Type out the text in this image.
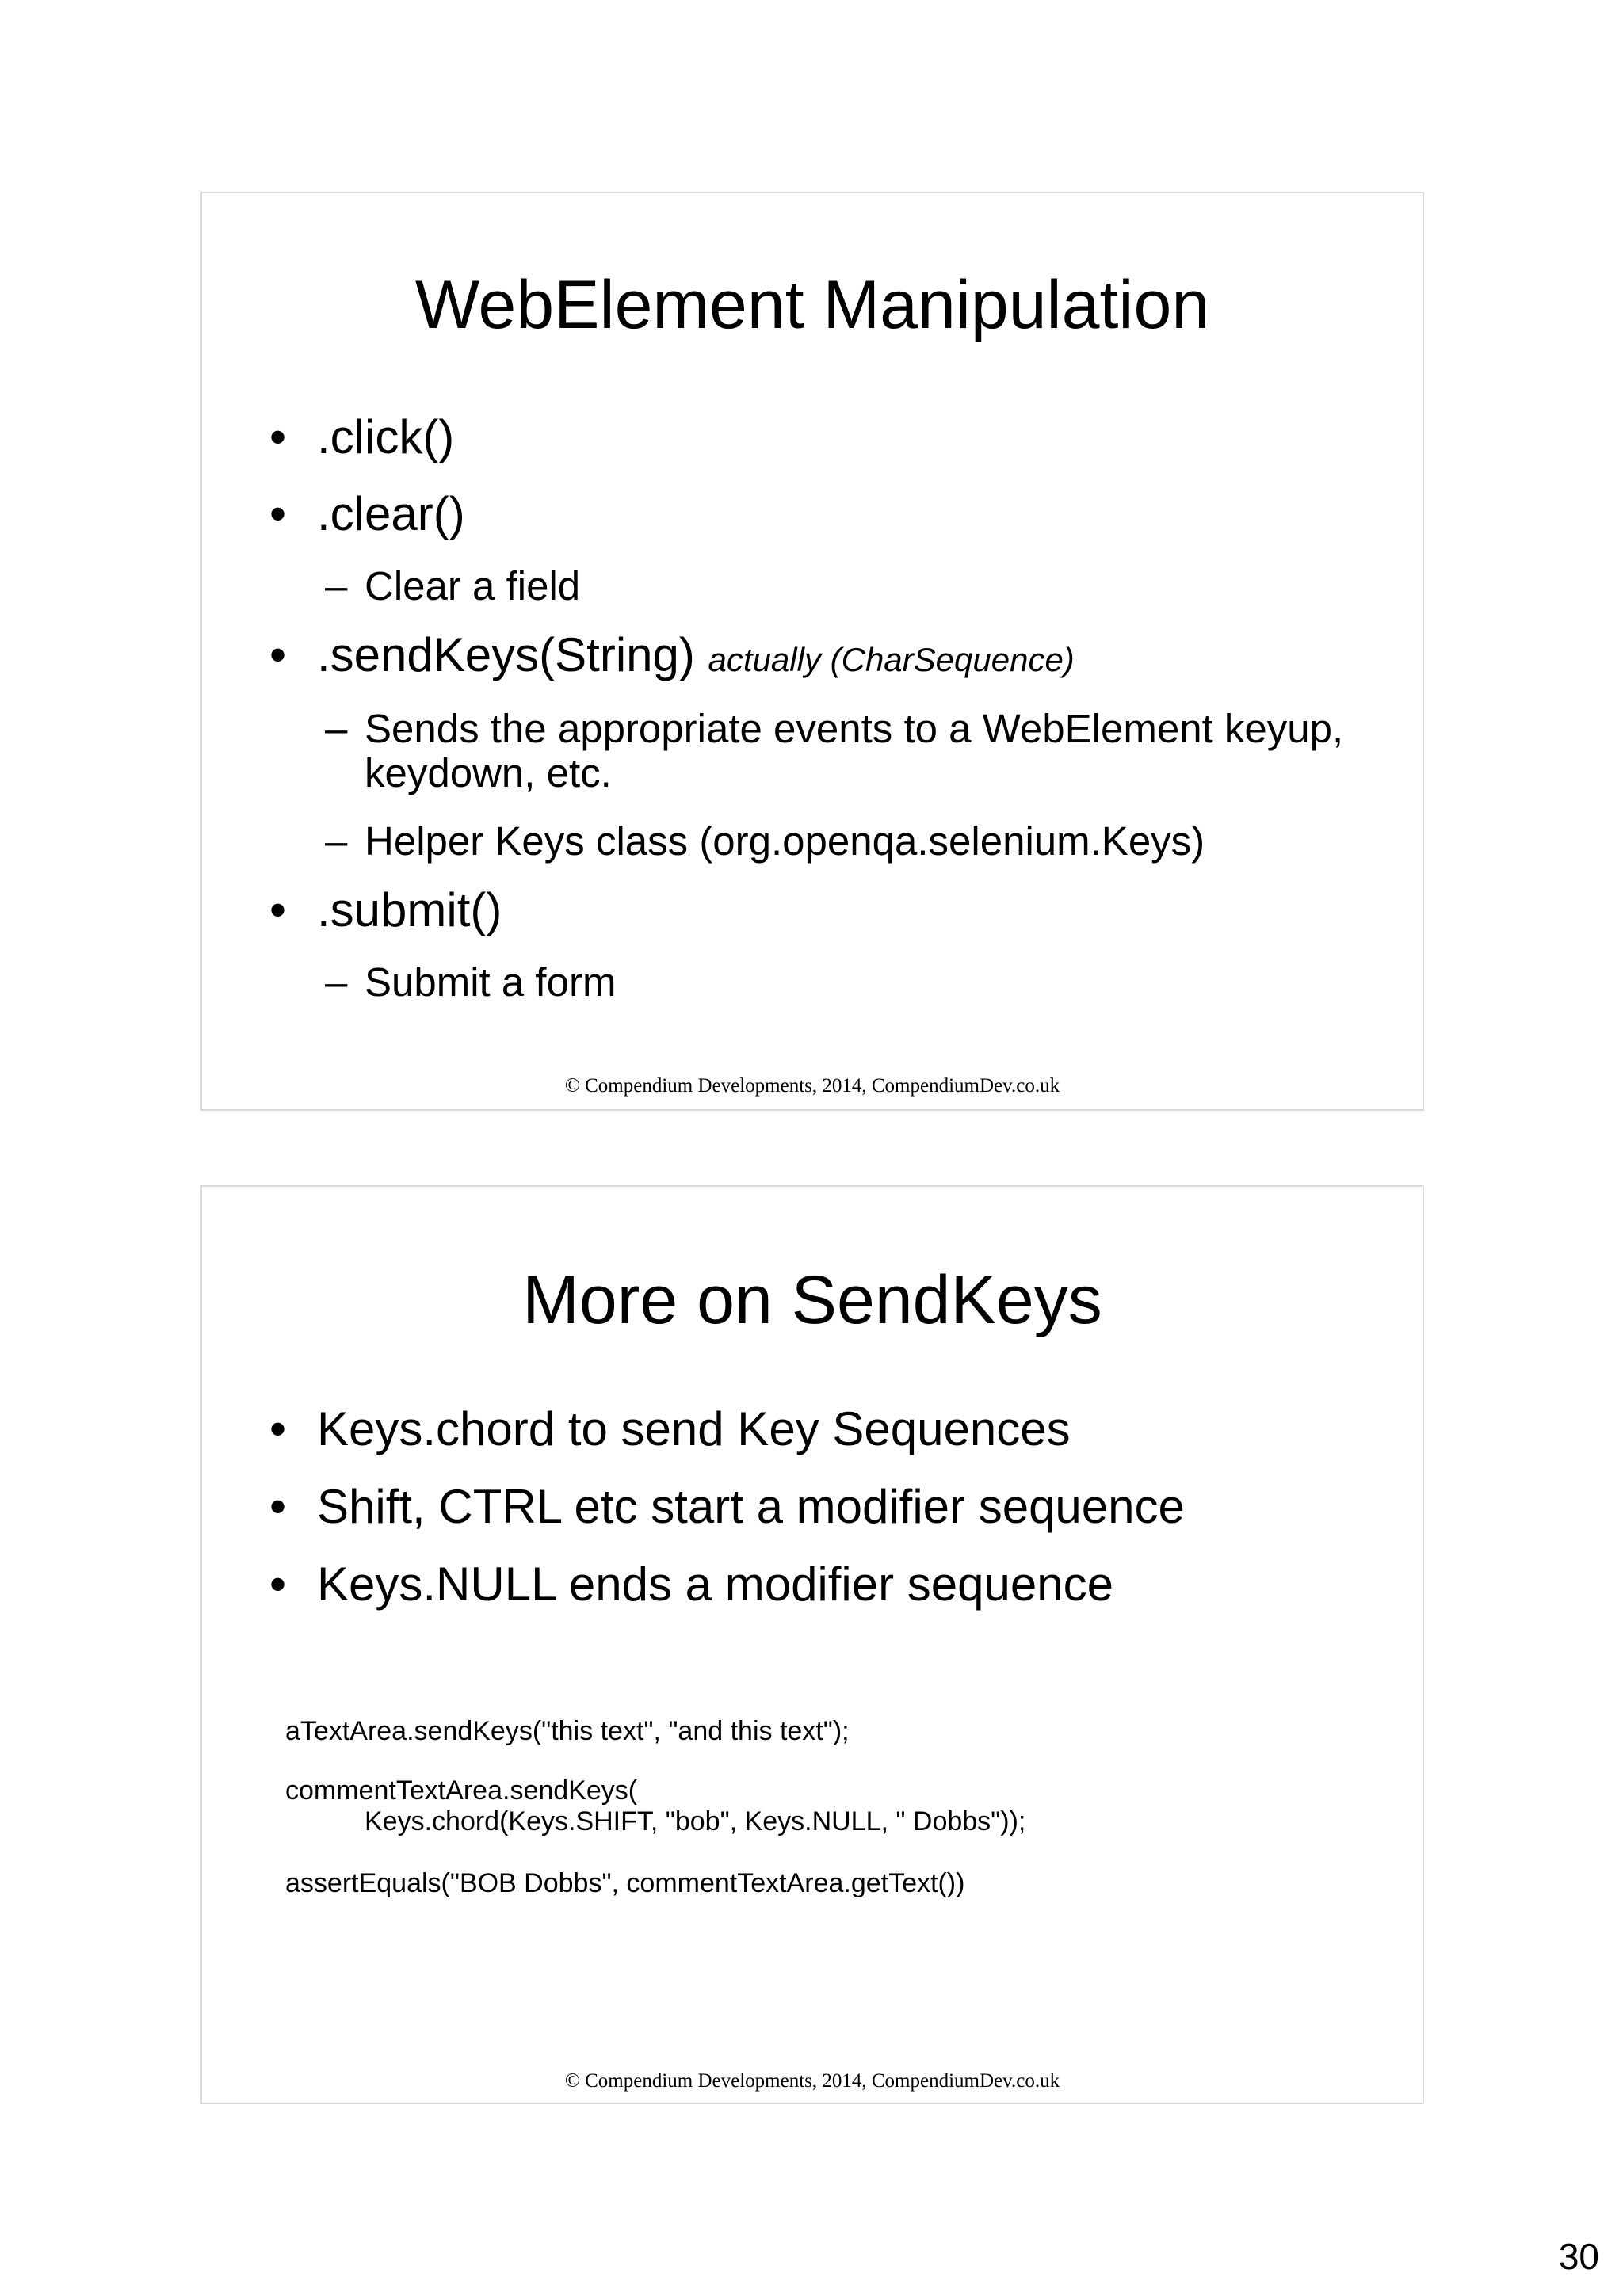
WebElement Manipulation
• .click()
• .clear()
– Clear a field
• .sendKeys(String) actually (CharSequence)
– Sends the appropriate events to a WebElement keyup, keydown, etc.
– Helper Keys class (org.openqa.selenium.Keys)
• .submit()
– Submit a form
© Compendium Developments, 2014, CompendiumDev.co.uk
More on SendKeys
• Keys.chord to send Key Sequences
• Shift, CTRL etc start a modifier sequence
• Keys.NULL ends a modifier sequence
aTextArea.sendKeys("this text", "and this text");
commentTextArea.sendKeys(
Keys.chord(Keys.SHIFT, "bob", Keys.NULL, " Dobbs"));
assertEquals("BOB Dobbs", commentTextArea.getText())
© Compendium Developments, 2014, CompendiumDev.co.uk
30
